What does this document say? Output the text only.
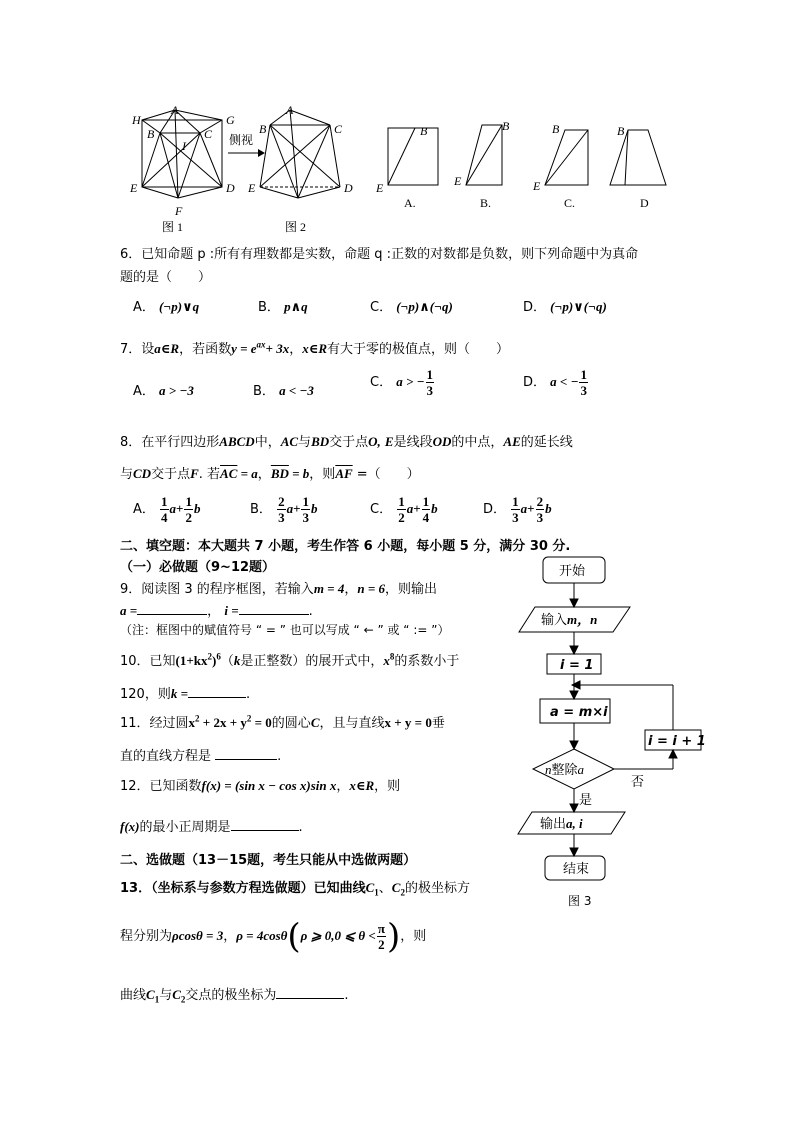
H
A
G
B	C
I
E	D
F
图 1
侧视
A
B	C
E	D
图 2
B
E
A.
B
E
B.
B
E
C.
B
D
6．已知命题 p :所有有理数都是实数，命题 q :正数的对数都是负数，则下列命题中为真命
题的是（　　）
A． (¬p)∨q	B． p∧q	C． (¬p)∧(¬q)	D． (¬p)∨(¬q)
7．设a∈R，若函数$y = e^{ax}+ 3x$，x∈R有大于零的极值点，则（　　）
A． a > −3	B． a < −3
C． a > − $\frac{1}{3}$	D． a < − $\frac{1}{3}$
8．在平行四边形ABCD中，AC与BD交于点O, E是线段OD的中点，AE的延长线
与CD交于点F. 若$\overline{AC} = a$，$\overline{BD} = b$，则$\overline{AF}$ =（　　）
A． $\frac{1}{4} a+ \frac{1}{2}$ b	B． $\frac{2}{3} a+ \frac{1}{3}$ b	C． $\frac{1}{2} a+ \frac{1}{4}$ b	D． $\frac{1}{3} a+ \frac{2}{3}$ b
二、填空题：本大题共 7 小题，考生作答 6 小题，每小题 5 分，满分 30 分.
（一）必做题（9~12题）
9．阅读图 3 的程序框图，若输入m = 4，n = 6，则输出
a =	， i =	.
（注：框图中的赋值符号 “ = ” 也可以写成 “ ← ” 或 “ := ”）
10．已知$(1+kx^2)^6(k$是正整数）的展开式中，$x^8$的系数小于
120，则k =	.
11．经过圆$x^2 + 2x + y^2 = 0$的圆心C，且与直线x + y = 0垂
直的直线方程是	.
12．已知函数f(x) = (sin x − cos x)sin x，x∈R，则
f(x)的最小正周期是	.
二、选做题（13－15题，考生只能从中选做两题）
13．（坐标系与参数方程选做题）已知曲线$C_1$、$C_2$的极坐标方
程分别为ρcosθ = 3，ρ = 4cosθ(ρ ⩾ 0,0 ⩽ $\theta < \frac{\pi}{2}$ )，则
曲线$C_1$与$C_2$交点的极坐标为	.
开始
输入m，n
i = 1
a = m×i
n整除a
i = i + 1
否
是
输出a, i
结束
图 3
